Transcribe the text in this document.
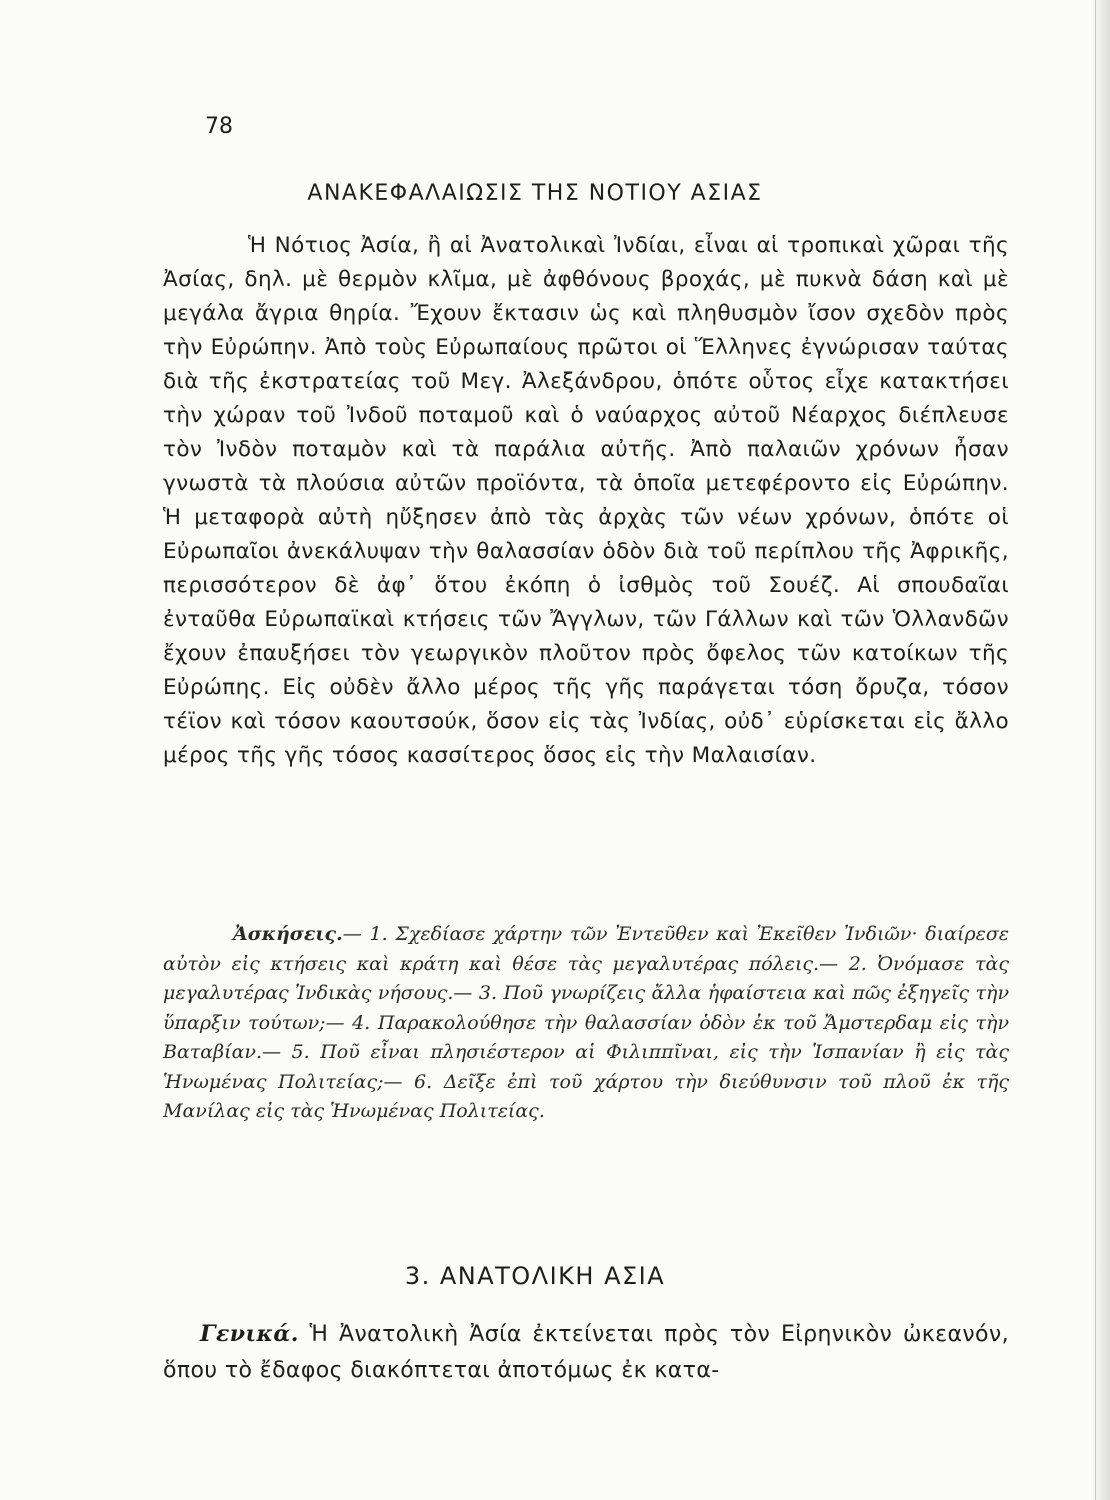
78
ΑΝΑΚΕΦΑΛΑΙΩΣΙΣ ΤΗΣ ΝΟΤΙΟΥ ΑΣΙΑΣ

Ἡ Νότιος Ἀσία, ἢ αἱ Ἀνατολικαὶ Ἰνδίαι, εἶναι αἱ τροπικαὶ χῶραι τῆς Ἀσίας, δηλ. μὲ θερμὸν κλῖμα, μὲ ἀφθόνους βροχάς, μὲ πυκνὰ δάση καὶ μὲ μεγάλα ἄγρια θηρία. Ἔχουν ἔκτασιν ὡς καὶ πληθυσμὸν ἴσον σχεδὸν πρὸς τὴν Εὐρώπην. Ἀπὸ τοὺς Εὐρωπαίους πρῶτοι οἱ Ἕλληνες ἐγνώρισαν ταύτας διὰ τῆς ἐκστρατείας τοῦ Μεγ. Ἀλεξάνδρου, ὁπότε οὗτος εἶχε κατακτήσει τὴν χώραν τοῦ Ἰνδοῦ ποταμοῦ καὶ ὁ ναύαρχος αὐτοῦ Νέαρχος διέπλευσε τὸν Ἰνδὸν ποταμὸν καὶ τὰ παράλια αὐτῆς. Ἀπὸ παλαιῶν χρόνων ἦσαν γνωστὰ τὰ πλούσια αὐτῶν προϊόντα, τὰ ὁποῖα μετεφέροντο εἰς Εὐρώπην. Ἡ μεταφορὰ αὐτὴ ηὔξησεν ἀπὸ τὰς ἀρχὰς τῶν νέων χρόνων, ὁπότε οἱ Εὐρωπαῖοι ἀνεκάλυψαν τὴν θαλασσίαν ὁδὸν διὰ τοῦ περίπλου τῆς Ἀφρικῆς, περισσότερον δὲ ἀφ᾿ ὅτου ἐκόπη ὁ ἰσθμὸς τοῦ Σουέζ. Αἱ σπουδαῖαι ἐνταῦθα Εὐρωπαϊκαὶ κτήσεις τῶν Ἄγγλων, τῶν Γάλλων καὶ τῶν Ὁλλανδῶν ἔχουν ἐπαυξήσει τὸν γεωργικὸν πλοῦτον πρὸς ὄφελος τῶν κατοίκων τῆς Εὐρώπης. Εἰς οὐδὲν ἄλλο μέρος τῆς γῆς παράγεται τόση ὄρυζα, τόσον τέϊον καὶ τόσον καουτσούκ, ὅσον εἰς τὰς Ἰνδίας, οὐδ᾿ εὑρίσκεται εἰς ἄλλο μέρος τῆς γῆς τόσος κασσίτερος ὅσος εἰς τὴν Μαλαισίαν.

Ἀσκήσεις.— 1. Σχεδίασε χάρτην τῶν Ἐντεῦθεν καὶ Ἐκεῖθεν Ἰνδιῶν· διαίρεσε αὐτὸν εἰς κτήσεις καὶ κράτη καὶ θέσε τὰς μεγαλυτέρας πόλεις.— 2. Ὀνόμασε τὰς μεγαλυτέρας Ἰνδικὰς νήσους.— 3. Ποῦ γνωρίζεις ἄλλα ἡφαίστεια καὶ πῶς ἐξηγεῖς τὴν ὕπαρξιν τούτων;— 4. Παρακολούθησε τὴν θαλασσίαν ὁδὸν ἐκ τοῦ Ἄμστερδαμ εἰς τὴν Βαταβίαν.— 5. Ποῦ εἶναι πλησιέστερον αἱ Φιλιππῖναι, εἰς τὴν Ἱσπανίαν ἢ εἰς τὰς Ἡνωμένας Πολιτείας;— 6. Δεῖξε ἐπὶ τοῦ χάρτου τὴν διεύθυνσιν τοῦ πλοῦ ἐκ τῆς Μανίλας εἰς τὰς Ἡνωμένας Πολιτείας.

3. ΑΝΑΤΟΛΙΚΗ ΑΣΙΑ

Γενικά. Ἡ Ἀνατολικὴ Ἀσία ἐκτείνεται πρὸς τὸν Εἰρηνικὸν ὠκεανόν, ὅπου τὸ ἔδαφος διακόπτεται ἀποτόμως ἐκ κατα-
